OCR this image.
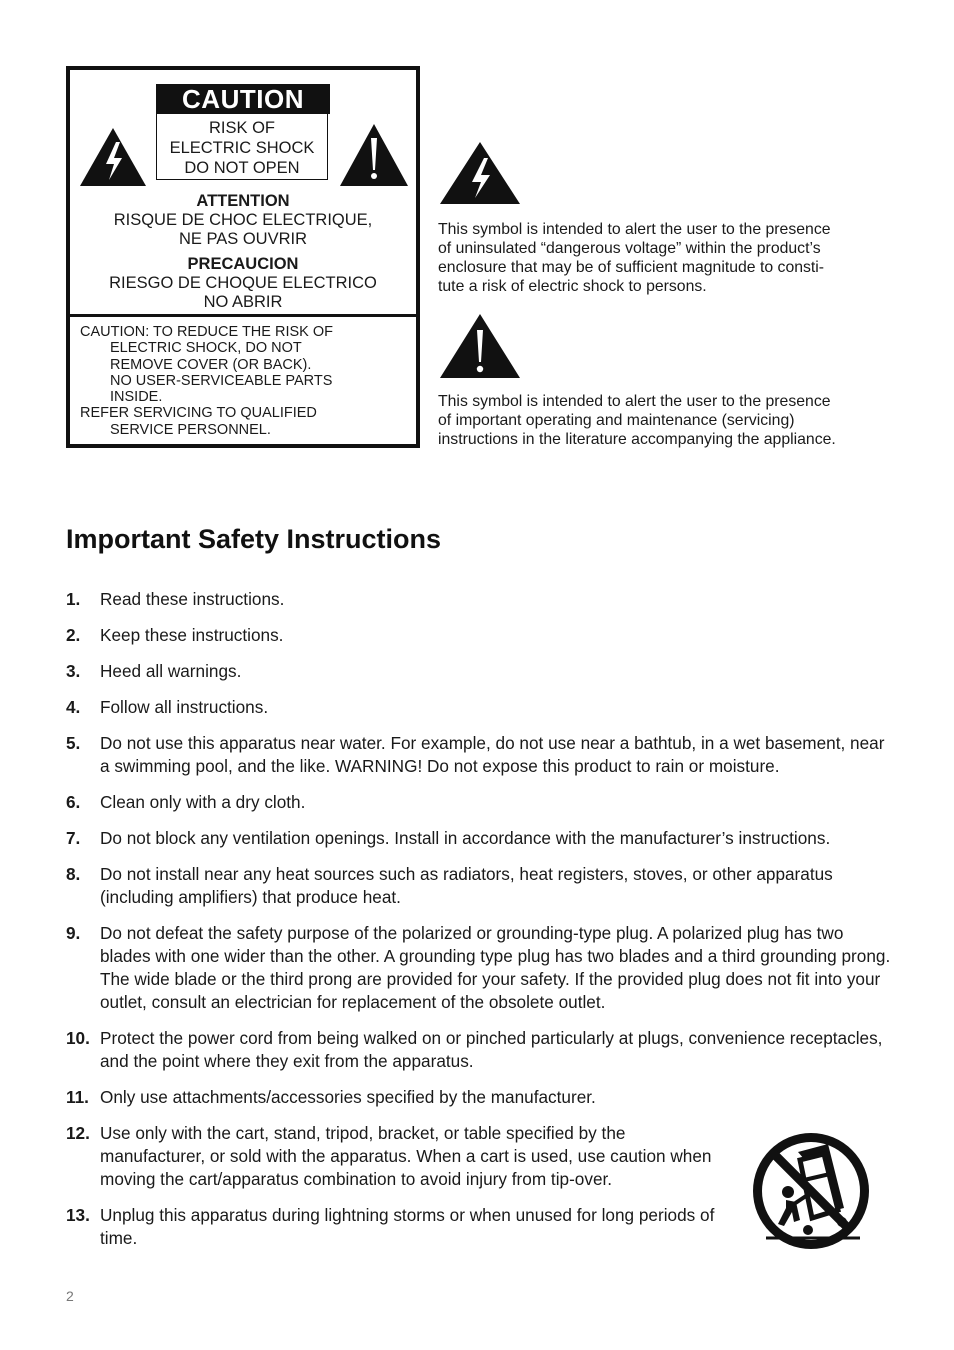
CAUTION
RISK OF
ELECTRIC SHOCK
DO NOT OPEN
ATTENTION
RISQUE DE CHOC ELECTRIQUE,
NE PAS OUVRIR
PRECAUCION
RIESGO DE CHOQUE ELECTRICO
NO ABRIR
CAUTION: TO REDUCE THE RISK OF
ELECTRIC SHOCK, DO NOT
REMOVE COVER (OR BACK).
NO USER-SERVICEABLE PARTS
INSIDE.
REFER SERVICING TO QUALIFIED
SERVICE PERSONNEL.
This symbol is intended to alert the user to the presence
of uninsulated “dangerous voltage” within the product’s
enclosure that may be of sufficient magnitude to consti-
tute a risk of electric shock to persons.
This symbol is intended to alert the user to the presence
of important operating and maintenance (servicing)
instructions in the literature accompanying the appliance.
Important Safety Instructions
1.	Read these instructions.
2.	Keep these instructions.
3.	Heed all warnings.
4.	Follow all instructions.
5.	Do not use this apparatus near water. For example, do not use near a bathtub, in a wet basement, near a swimming pool, and the like. WARNING! Do not expose this product to rain or moisture.
6.	Clean only with a dry cloth.
7.	Do not block any ventilation openings. Install in accordance with the manufacturer’s instructions.
8.	Do not install near any heat sources such as radiators, heat registers, stoves, or other apparatus (including amplifiers) that produce heat.
9.	Do not defeat the safety purpose of the polarized or grounding-type plug. A polarized plug has two blades with one wider than the other. A grounding type plug has two blades and a third grounding prong. The wide blade or the third prong are provided for your safety. If the provided plug does not fit into your outlet, consult an electrician for replacement of the obsolete outlet.
10. Protect the power cord from being walked on or pinched particularly at plugs, convenience receptacles, and the point where they exit from the apparatus.
11. Only use attachments/accessories specified by the manufacturer.
12. Use only with the cart, stand, tripod, bracket, or table specified by the manufacturer, or sold with the apparatus. When a cart is used, use caution when moving the cart/apparatus combination to avoid injury from tip-over.
13. Unplug this apparatus during lightning storms or when unused for long periods of time.
2
